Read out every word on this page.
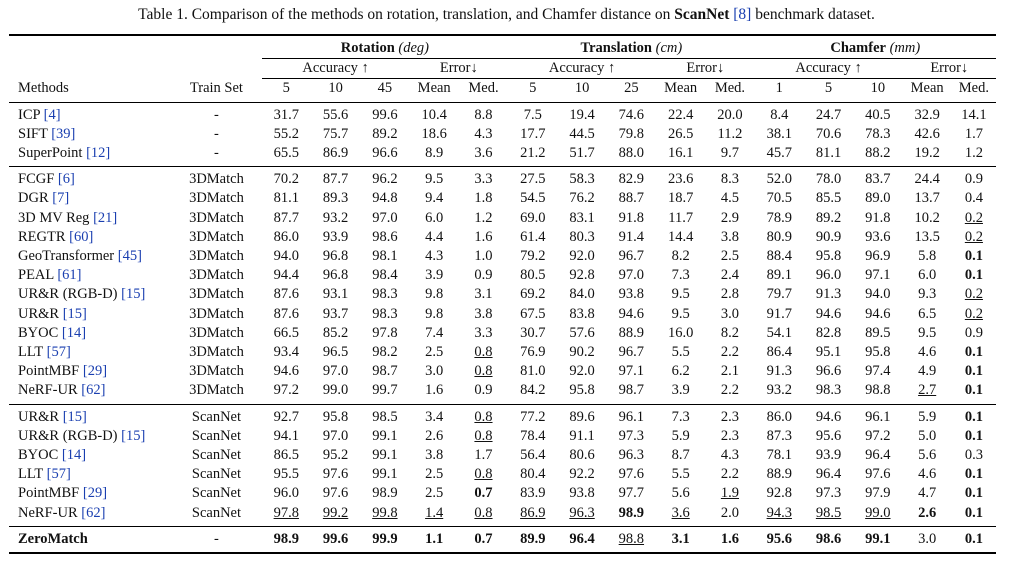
Table 1. Comparison of the methods on rotation, translation, and Chamfer distance on ScanNet [8] benchmark dataset.
		Rotation (deg)					Translation (cm)					Chamfer (mm)				
		Accuracy ↑			Error↓		Accuracy ↑			Error↓		Accuracy ↑			Error↓	
Methods	Train Set	5	10	45	Mean	Med.	5	10	25	Mean	Med.	1	5	10	Mean	Med.
ICP [4]	-	31.7	55.6	99.6	10.4	8.8	7.5	19.4	74.6	22.4	20.0	8.4	24.7	40.5	32.9	14.1
SIFT [39]	-	55.2	75.7	89.2	18.6	4.3	17.7	44.5	79.8	26.5	11.2	38.1	70.6	78.3	42.6	1.7
SuperPoint [12]	-	65.5	86.9	96.6	8.9	3.6	21.2	51.7	88.0	16.1	9.7	45.7	81.1	88.2	19.2	1.2
FCGF [6]	3DMatch	70.2	87.7	96.2	9.5	3.3	27.5	58.3	82.9	23.6	8.3	52.0	78.0	83.7	24.4	0.9
DGR [7]	3DMatch	81.1	89.3	94.8	9.4	1.8	54.5	76.2	88.7	18.7	4.5	70.5	85.5	89.0	13.7	0.4
3D MV Reg [21]	3DMatch	87.7	93.2	97.0	6.0	1.2	69.0	83.1	91.8	11.7	2.9	78.9	89.2	91.8	10.2	0.2
REGTR [60]	3DMatch	86.0	93.9	98.6	4.4	1.6	61.4	80.3	91.4	14.4	3.8	80.9	90.9	93.6	13.5	0.2
GeoTransformer [45]	3DMatch	94.0	96.8	98.1	4.3	1.0	79.2	92.0	96.7	8.2	2.5	88.4	95.8	96.9	5.8	0.1
PEAL [61]	3DMatch	94.4	96.8	98.4	3.9	0.9	80.5	92.8	97.0	7.3	2.4	89.1	96.0	97.1	6.0	0.1
UR&R (RGB-D) [15]	3DMatch	87.6	93.1	98.3	9.8	3.1	69.2	84.0	93.8	9.5	2.8	79.7	91.3	94.0	9.3	0.2
UR&R [15]	3DMatch	87.6	93.7	98.3	9.8	3.8	67.5	83.8	94.6	9.5	3.0	91.7	94.6	94.6	6.5	0.2
BYOC [14]	3DMatch	66.5	85.2	97.8	7.4	3.3	30.7	57.6	88.9	16.0	8.2	54.1	82.8	89.5	9.5	0.9
LLT [57]	3DMatch	93.4	96.5	98.2	2.5	0.8	76.9	90.2	96.7	5.5	2.2	86.4	95.1	95.8	4.6	0.1
PointMBF [29]	3DMatch	94.6	97.0	98.7	3.0	0.8	81.0	92.0	97.1	6.2	2.1	91.3	96.6	97.4	4.9	0.1
NeRF-UR [62]	3DMatch	97.2	99.0	99.7	1.6	0.9	84.2	95.8	98.7	3.9	2.2	93.2	98.3	98.8	2.7	0.1
UR&R [15]	ScanNet	92.7	95.8	98.5	3.4	0.8	77.2	89.6	96.1	7.3	2.3	86.0	94.6	96.1	5.9	0.1
UR&R (RGB-D) [15]	ScanNet	94.1	97.0	99.1	2.6	0.8	78.4	91.1	97.3	5.9	2.3	87.3	95.6	97.2	5.0	0.1
BYOC [14]	ScanNet	86.5	95.2	99.1	3.8	1.7	56.4	80.6	96.3	8.7	4.3	78.1	93.9	96.4	5.6	0.3
LLT [57]	ScanNet	95.5	97.6	99.1	2.5	0.8	80.4	92.2	97.6	5.5	2.2	88.9	96.4	97.6	4.6	0.1
PointMBF [29]	ScanNet	96.0	97.6	98.9	2.5	0.7	83.9	93.8	97.7	5.6	1.9	92.8	97.3	97.9	4.7	0.1
NeRF-UR [62]	ScanNet	97.8	99.2	99.8	1.4	0.8	86.9	96.3	98.9	3.6	2.0	94.3	98.5	99.0	2.6	0.1
ZeroMatch	-	98.9	99.6	99.9	1.1	0.7	89.9	96.4	98.8	3.1	1.6	95.6	98.6	99.1	3.0	0.1
